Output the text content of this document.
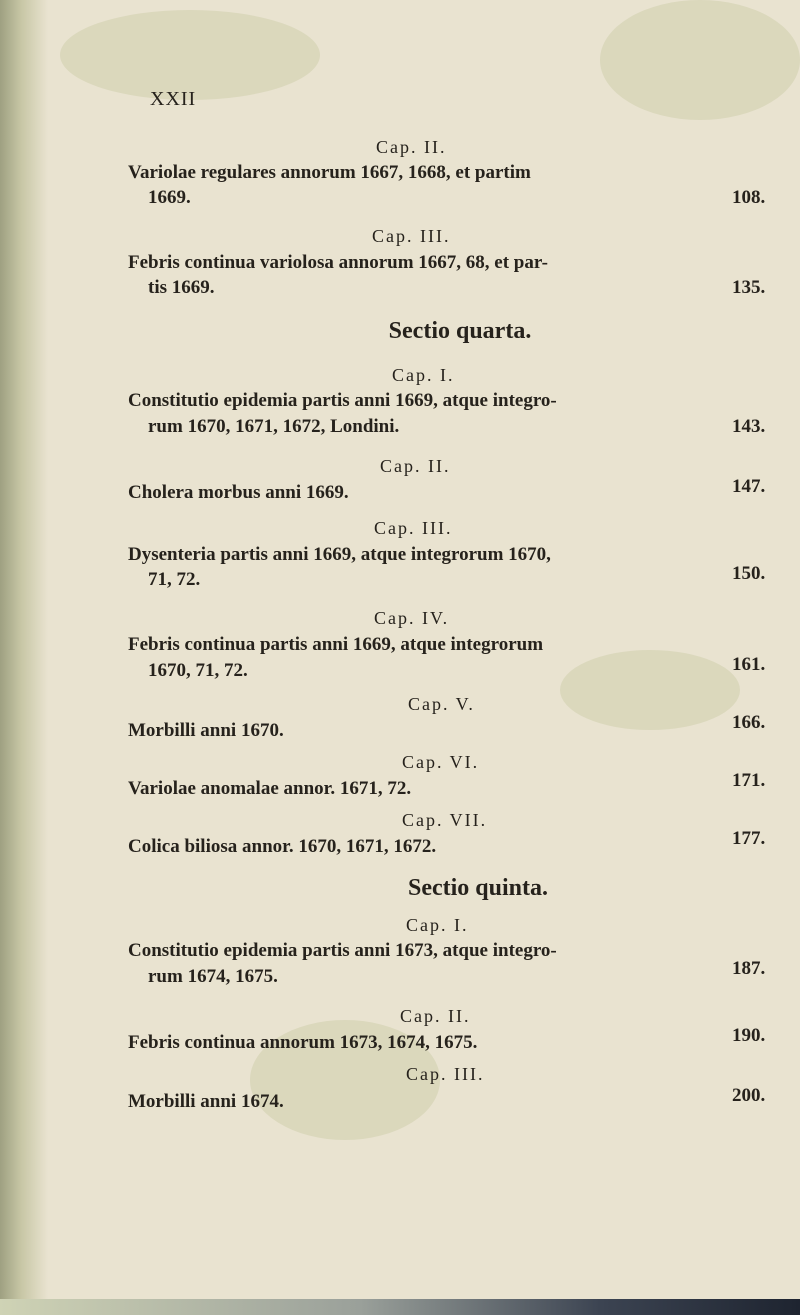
XXII
Cap. II.
Variolae regulares annorum 1667, 1668, et partim
1669.	108.
Cap. III.
Febris continua variolosa annorum 1667, 68, et par-
tis 1669.	135.
Sectio quarta.
Cap. I.
Constitutio epidemia partis anni 1669, atque integro-
rum 1670, 1671, 1672, Londini.	143.
Cap. II.
Cholera morbus anni 1669.	147.
Cap. III.
Dysenteria partis anni 1669, atque integrorum 1670,
71, 72.	150.
Cap. IV.
Febris continua partis anni 1669, atque integrorum
1670, 71, 72.	161.
Cap. V.
Morbilli anni 1670.	166.
Cap. VI.
Variolae anomalae annor. 1671, 72.	171.
Cap. VII.
Colica biliosa annor. 1670, 1671, 1672.	177.
Sectio quinta.
Cap. I.
Constitutio epidemia partis anni 1673, atque integro-
rum 1674, 1675.	187.
Cap. II.
Febris continua annorum 1673, 1674, 1675.	190.
Cap. III.
Morbilli anni 1674.	200.
